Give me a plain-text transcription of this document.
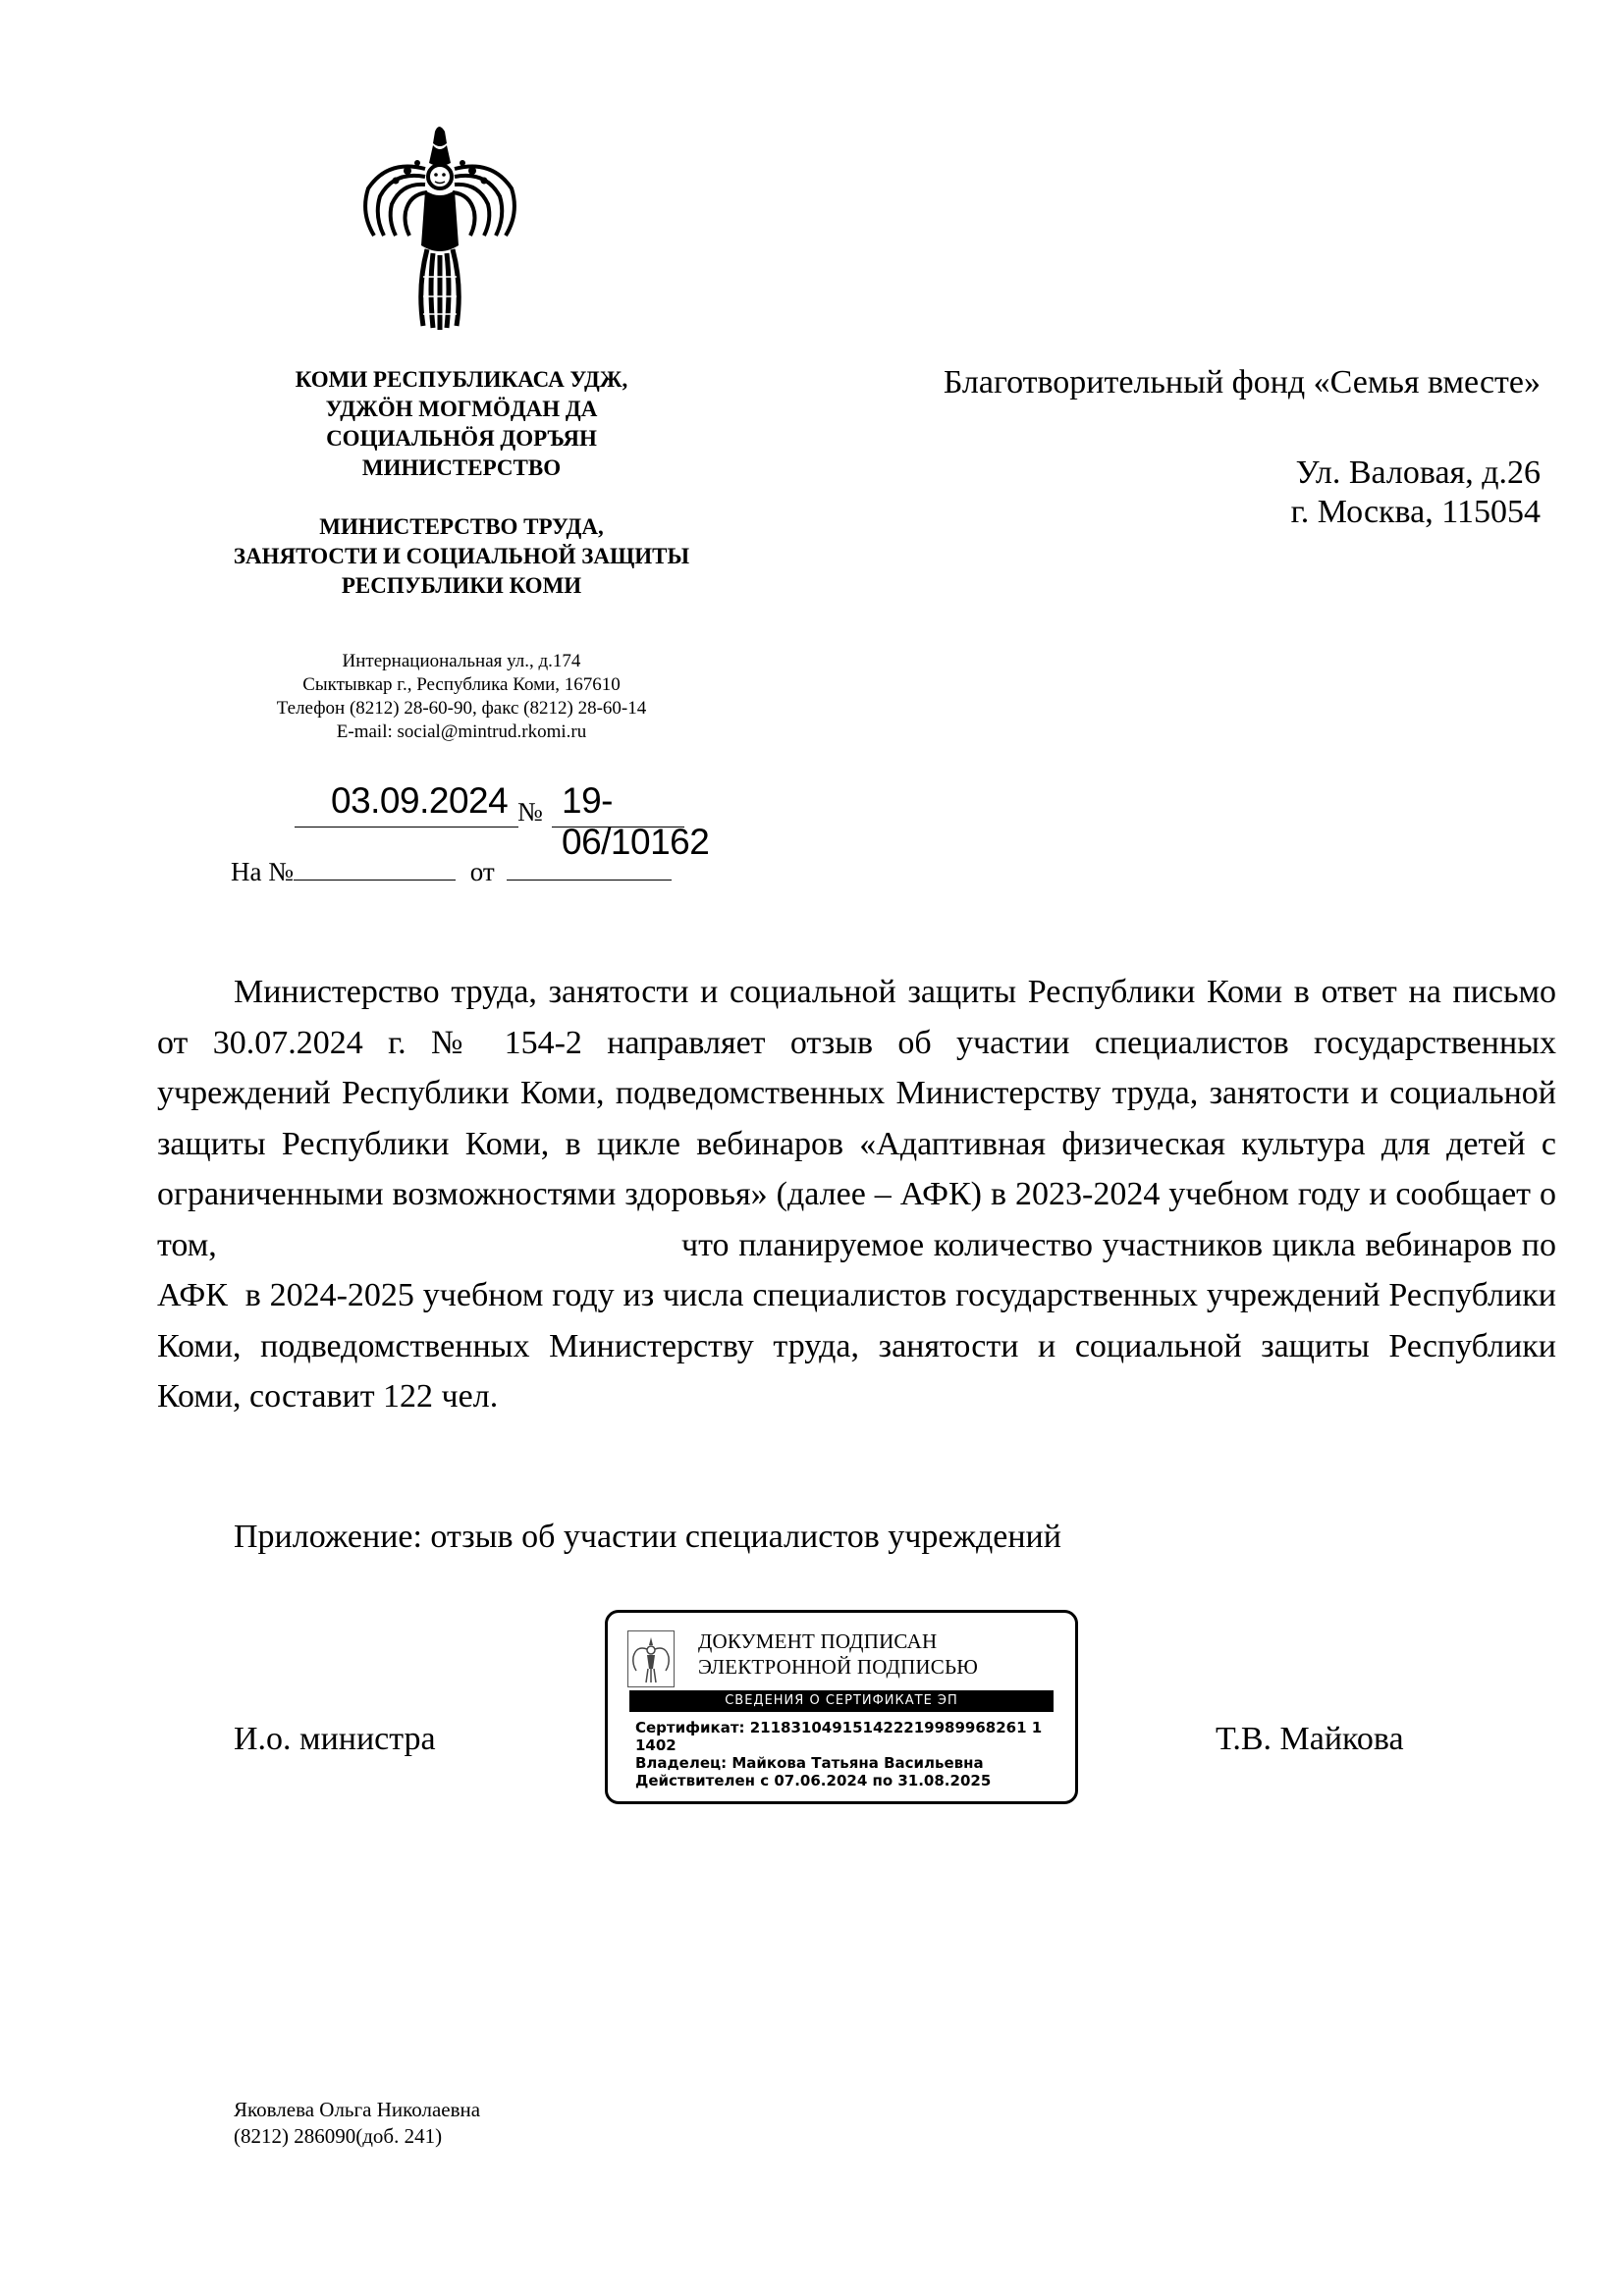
КОМИ РЕСПУБЛИКАСА УДЖ,
УДЖӦН МОГМӦДАН ДА
СОЦИАЛЬНӦЯ ДОРЪЯН
МИНИСТЕРСТВО
МИНИСТЕРСТВО ТРУДА,
ЗАНЯТОСТИ И СОЦИАЛЬНОЙ ЗАЩИТЫ
РЕСПУБЛИКИ КОМИ
Интернациональная ул., д.174
Сыктывкар г., Республика Коми, 167610
Телефон (8212) 28-60-90, факс (8212) 28-60-14
E-mail: social@mintrud.rkomi.ru
03.09.2024 № 19-06/10162
На №	от
Благотворительный фонд «Семья вместе»
Ул. Валовая, д.26
г. Москва, 115054
Министерство труда, занятости и социальной защиты Республики Коми в ответ на письмо от 30.07.2024 г. № 154-2 направляет отзыв об участии специалистов государственных учреждений Республики Коми, подведомственных Министерству труда, занятости и социальной защиты Республики Коми, в цикле вебинаров «Адаптивная физическая культура для детей с ограниченными возможностями здоровья» (далее – АФК) в 2023-2024 учебном году и сообщает о том,                                                 что планируемое количество участников цикла вебинаров по АФК  в 2024-2025 учебном году из числа специалистов государственных учреждений Республики Коми, подведомственных Министерству труда, занятости и социальной защиты Республики Коми, составит 122 чел.
Приложение: отзыв об участии специалистов учреждений
И.о. министра	Т.В. Майкова
ДОКУМЕНТ ПОДПИСАН
ЭЛЕКТРОННОЙ ПОДПИСЬЮ
СВЕДЕНИЯ О СЕРТИФИКАТЕ ЭП
Сертификат: 211831049151422219989968261 11402
Владелец: Майкова Татьяна Васильевна
Действителен с 07.06.2024 по 31.08.2025
Яковлева Ольга Николаевна
(8212) 286090(доб. 241)
